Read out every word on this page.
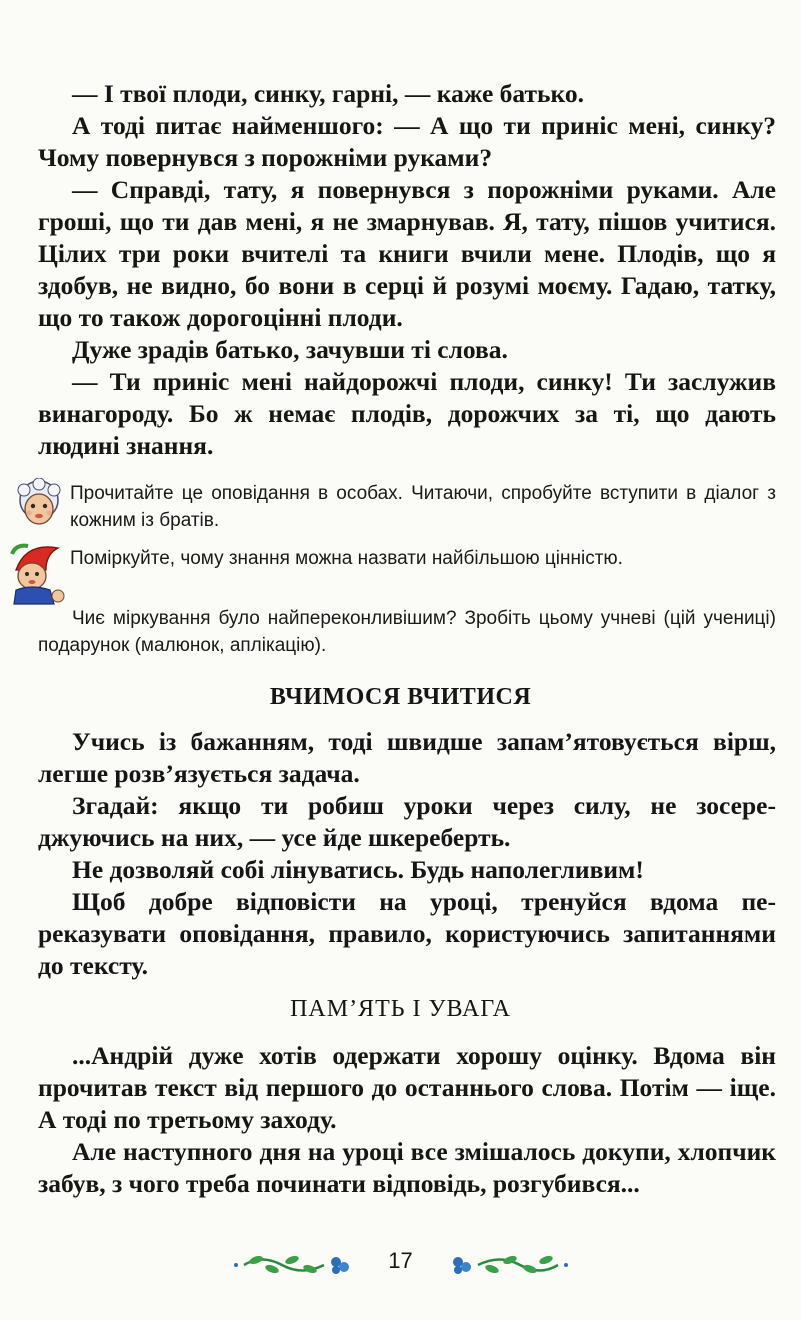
— І твої плоди, синку, гарні, — каже батько.

А тоді питає найменшого: — А що ти приніс мені, синку? Чому повернувся з порожніми руками?

— Справді, тату, я повернувся з порожніми руками. Але гроші, що ти дав мені, я не змарнував. Я, тату, пішов учитися. Цілих три роки вчителі та книги вчили мене. Плодів, що я здобув, не видно, бо вони в серці й розумі моєму. Гадаю, татку, що то також дорогоцінні плоди.

Дуже зрадів батько, зачувши ті слова.

— Ти приніс мені найдорожчі плоди, синку! Ти заслужив винагороду. Бо ж немає плодів, дорожчих за ті, що дають людині знання.

Прочитайте це оповідання в особах. Читаючи, спробуйте вступити в діалог з кожним із братів.

Поміркуйте, чому знання можна назвати найбільшою цінністю.

Чиє міркування було найпереконливішим? Зробіть цьому учневі (цій учениці) подарунок (малюнок, аплікацію).

ВЧИМОСЯ ВЧИТИСЯ

Учись із бажанням, тоді швидше запам’ятовується вірш, легше розв’язується задача.

Згадай: якщо ти робиш уроки через силу, не зосереджуючись на них, — усе йде шкереберть.

Не дозволяй собі лінуватись. Будь наполегливим!

Щоб добре відповісти на уроці, тренуйся вдома переказувати оповідання, правило, користуючись запитаннями до тексту.

ПАМ’ЯТЬ І УВАГА

...Андрій дуже хотів одержати хорошу оцінку. Вдома він прочитав текст від першого до останнього слова. Потім — іще. А тоді по третьому заходу.

Але наступного дня на уроці все змішалось докупи, хлопчик забув, з чого треба починати відповідь, розгубився...

17
